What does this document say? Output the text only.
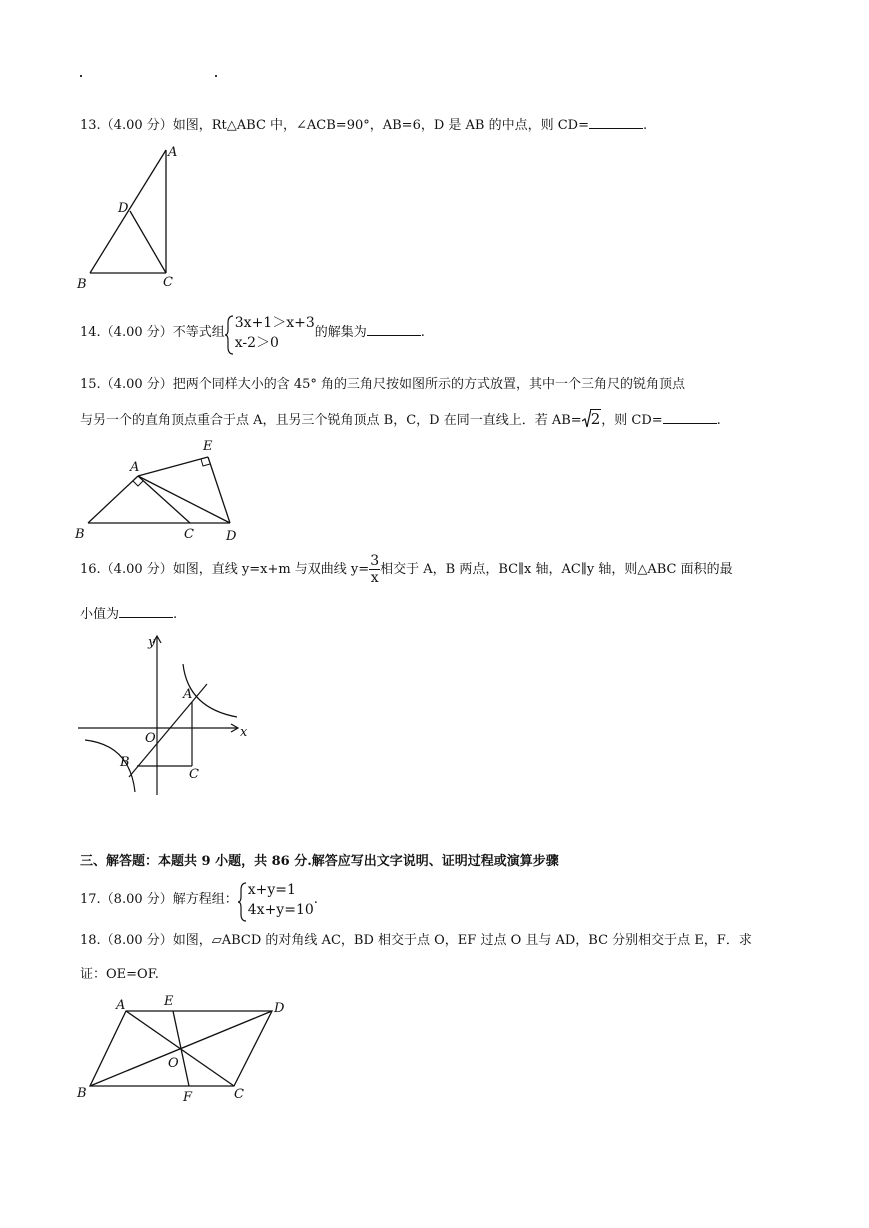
13.（4.00 分）如图，Rt△ABC 中，∠ACB=90°，AB=6，D 是 AB 的中点，则 CD=	.
A
D
B	C
14.（4.00 分）不等式组
3x+1＞x+3
x-2＞0
的解集为	.
15.（4.00 分）把两个同样大小的含 45° 角的三角尺按如图所示的方式放置，其中一个三角尺的锐角顶点
与另一个的直角顶点重合于点 A，且另三个锐角顶点 B，C，D 在同一直线上．若 AB= 2，则 CD=	.
A
E
B	C D
16.（4.00 分）如图，直线 y=x+m 与双曲线 $y= \frac{3}{x}$ 相交于 A，B 两点，BC∥x 轴，AC∥y 轴，则△ABC 面积的最
小值为	.
y
x
O
A
B
C
三、解答题：本题共 9 小题，共 86 分.解答应写出文字说明、证明过程或演算步骤
17.（8.00 分）解方程组：
x+y=1
4x+y=10
.
18.（8.00 分）如图，▱ABCD 的对角线 AC，BD 相交于点 O，EF 过点 O 且与 AD，BC 分别相交于点 E，F．求
证：OE=OF.
A	E	D
O
B	F	C
